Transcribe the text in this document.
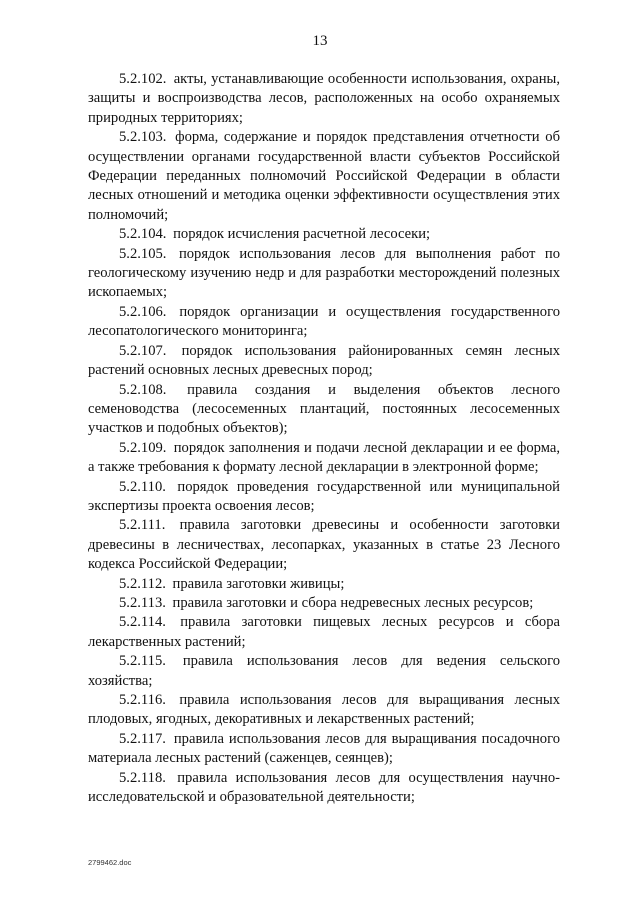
13

5.2.102. акты, устанавливающие особенности использования, охраны, защиты и воспроизводства лесов, расположенных на особо охраняемых природных территориях;

5.2.103. форма, содержание и порядок представления отчетности об осуществлении органами государственной власти субъектов Российской Федерации переданных полномочий Российской Федерации в области лесных отношений и методика оценки эффективности осуществления этих полномочий;

5.2.104. порядок исчисления расчетной лесосеки;

5.2.105. порядок использования лесов для выполнения работ по геологическому изучению недр и для разработки месторождений полезных ископаемых;

5.2.106. порядок организации и осуществления государственного лесопатологического мониторинга;

5.2.107. порядок использования районированных семян лесных растений основных лесных древесных пород;

5.2.108. правила создания и выделения объектов лесного семеноводства (лесосеменных плантаций, постоянных лесосеменных участков и подобных объектов);

5.2.109. порядок заполнения и подачи лесной декларации и ее форма, а также требования к формату лесной декларации в электронной форме;

5.2.110. порядок проведения государственной или муниципальной экспертизы проекта освоения лесов;

5.2.111. правила заготовки древесины и особенности заготовки древесины в лесничествах, лесопарках, указанных в статье 23 Лесного кодекса Российской Федерации;

5.2.112. правила заготовки живицы;

5.2.113. правила заготовки и сбора недревесных лесных ресурсов;

5.2.114. правила заготовки пищевых лесных ресурсов и сбора лекарственных растений;

5.2.115. правила использования лесов для ведения сельского хозяйства;

5.2.116. правила использования лесов для выращивания лесных плодовых, ягодных, декоративных и лекарственных растений;

5.2.117. правила использования лесов для выращивания посадочного материала лесных растений (саженцев, сеянцев);

5.2.118. правила использования лесов для осуществления научно-исследовательской и образовательной деятельности;

2799462.doc
